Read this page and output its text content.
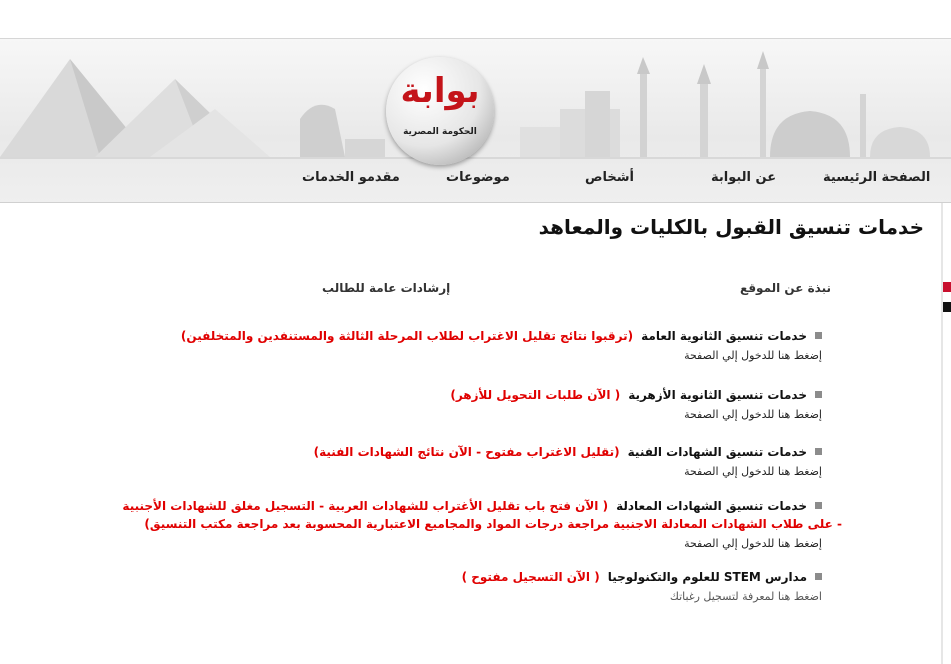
بوابة
الحكومة المصرية
الصفحة الرئيسية
عن البوابة
أشخاص
موضوعات
مقدمو الخدمات
خدمات تنسيق القبول بالكليات والمعاهد
نبذة عن الموقع
إرشادات عامة للطالب
خدمات تنسيق الثانوية العامة(ترقبوا نتائج تقليل الاغتراب لطلاب المرحلة الثالثة والمستنفدين والمتخلفين)
إضغط هنا للدخول إلي الصفحة
خدمات تنسيق الثانوية الأزهرية( الآن طلبات التحويل للأزهر)
إضغط هنا للدخول إلي الصفحة
خدمات تنسيق الشهادات الفنية(تقليل الاغتراب مفتوح - الآن نتائج الشهادات الفنية)
إضغط هنا للدخول إلي الصفحة
خدمات تنسيق الشهادات المعادلة( الآن فتح باب تقليل الأغتراب للشهادات العربية - التسجيل مغلق للشهادات الأجنبية
- على طلاب الشهادات المعادلة الاجنبية مراجعة درجات المواد والمجاميع الاعتبارية المحسوبة بعد مراجعة مكتب التنسيق)
إضغط هنا للدخول إلي الصفحة
مدارس STEM للعلوم والتكنولوجيا( الآن التسجيل مفتوح )
اضغط هنا لمعرفة لتسجيل رغباتك
